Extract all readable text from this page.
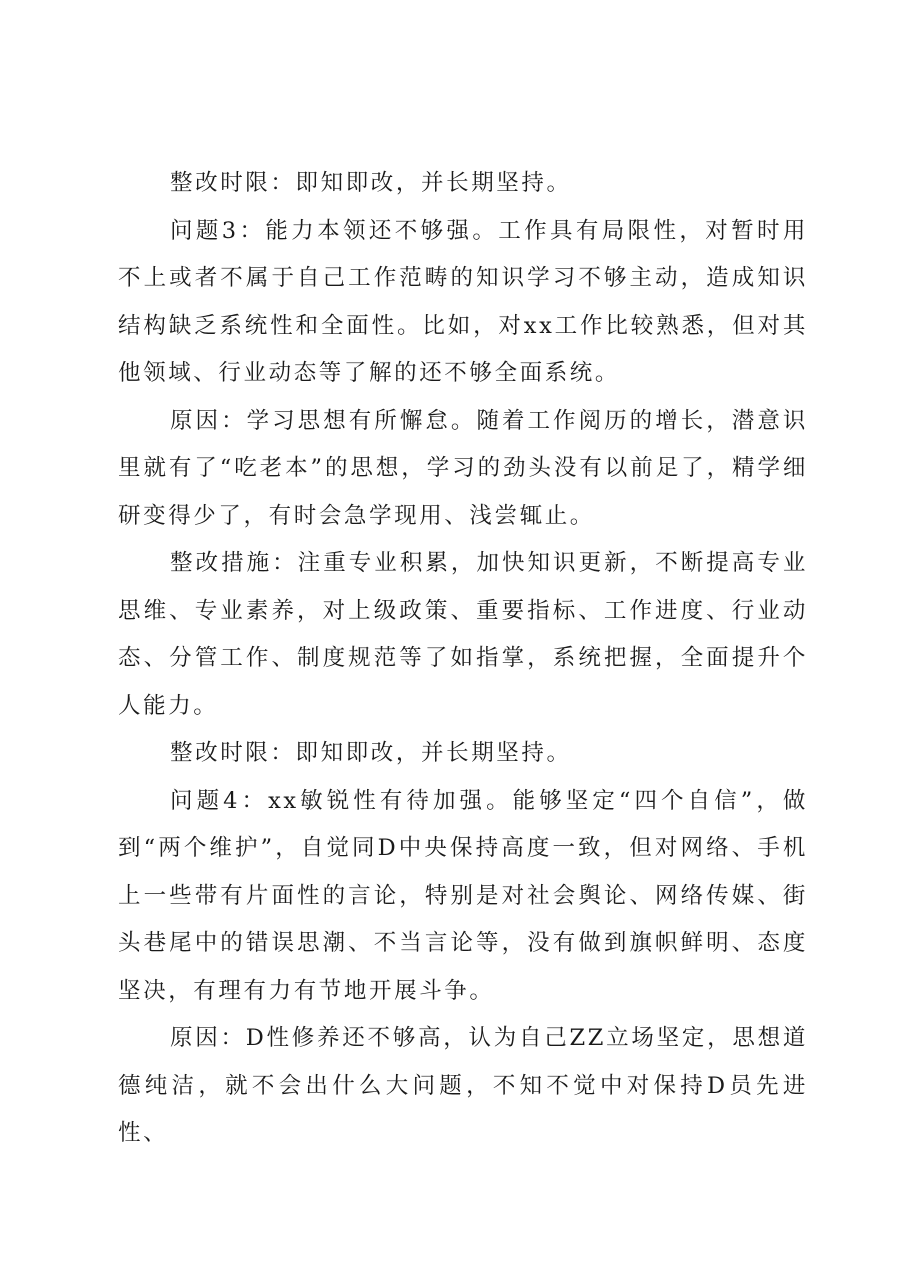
整改时限：即知即改，并长期坚持。

问题3：能力本领还不够强。工作具有局限性，对暂时用不上或者不属于自己工作范畴的知识学习不够主动，造成知识结构缺乏系统性和全面性。比如，对xx工作比较熟悉，但对其他领域、行业动态等了解的还不够全面系统。

原因：学习思想有所懈怠。随着工作阅历的增长，潜意识里就有了“吃老本”的思想，学习的劲头没有以前足了，精学细研变得少了，有时会急学现用、浅尝辄止。

整改措施：注重专业积累，加快知识更新，不断提高专业思维、专业素养，对上级政策、重要指标、工作进度、行业动态、分管工作、制度规范等了如指掌，系统把握，全面提升个人能力。

整改时限：即知即改，并长期坚持。

问题4：xx敏锐性有待加强。能够坚定“四个自信”，做到“两个维护”，自觉同D中央保持高度一致，但对网络、手机上一些带有片面性的言论，特别是对社会舆论、网络传媒、街头巷尾中的错误思潮、不当言论等，没有做到旗帜鲜明、态度坚决，有理有力有节地开展斗争。

原因：D性修养还不够高，认为自己ZZ立场坚定，思想道德纯洁，就不会出什么大问题，不知不觉中对保持D员先进性、
